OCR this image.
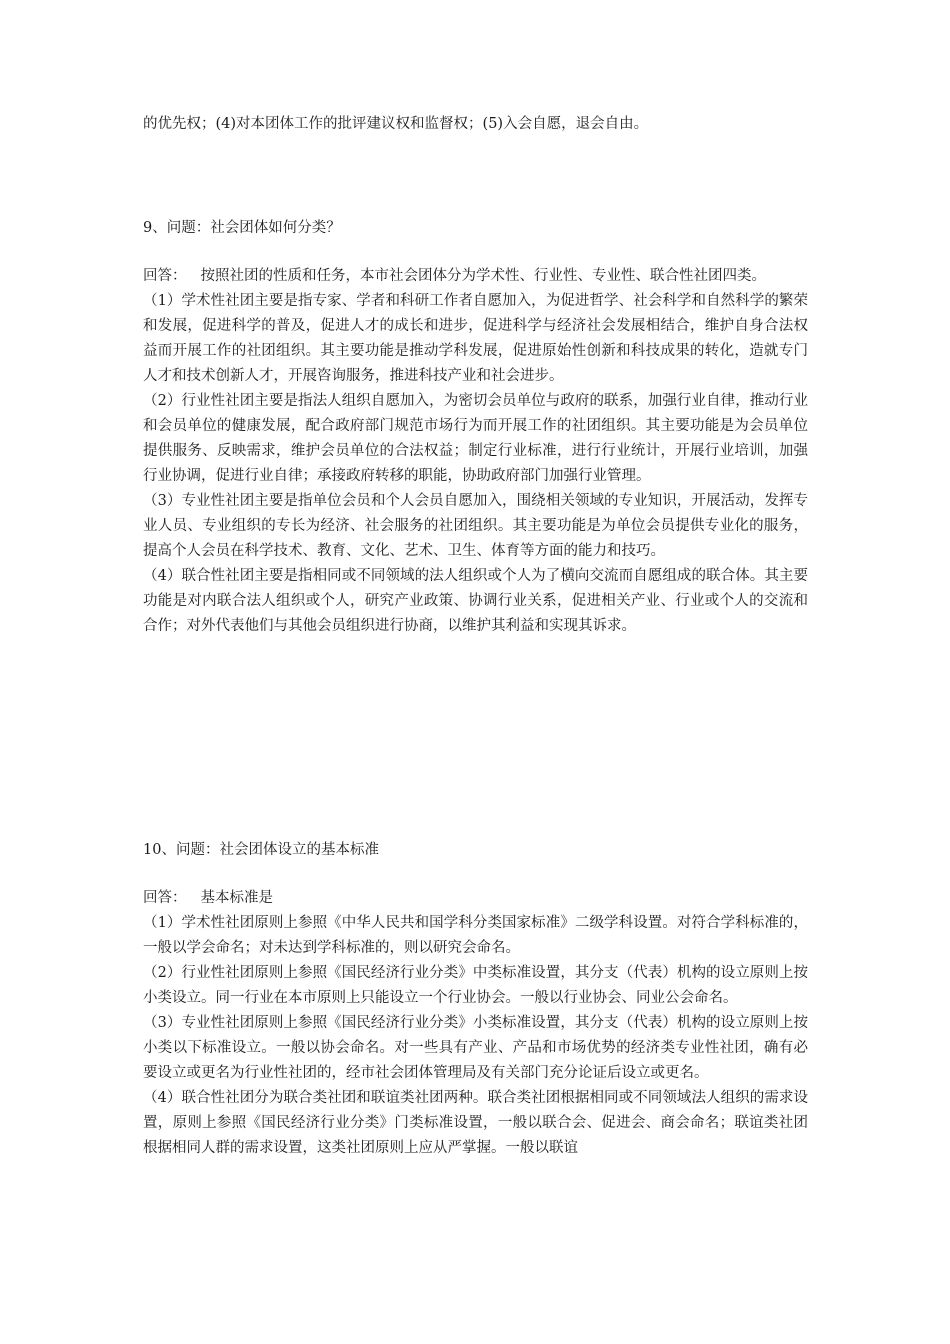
的优先权；(4)对本团体工作的批评建议权和监督权；(5)入会自愿，退会自由。

9、问题：社会团体如何分类？

回答： 按照社团的性质和任务，本市社会团体分为学术性、行业性、专业性、联合性社团四类。
（1）学术性社团主要是指专家、学者和科研工作者自愿加入，为促进哲学、社会科学和自然科学的繁荣和发展，促进科学的普及，促进人才的成长和进步，促进科学与经济社会发展相结合，维护自身合法权益而开展工作的社团组织。其主要功能是推动学科发展，促进原始性创新和科技成果的转化，造就专门人才和技术创新人才，开展咨询服务，推进科技产业和社会进步。
（2）行业性社团主要是指法人组织自愿加入，为密切会员单位与政府的联系，加强行业自律，推动行业和会员单位的健康发展，配合政府部门规范市场行为而开展工作的社团组织。其主要功能是为会员单位提供服务、反映需求，维护会员单位的合法权益；制定行业标准，进行行业统计，开展行业培训，加强行业协调，促进行业自律；承接政府转移的职能，协助政府部门加强行业管理。
（3）专业性社团主要是指单位会员和个人会员自愿加入，围绕相关领域的专业知识，开展活动，发挥专业人员、专业组织的专长为经济、社会服务的社团组织。其主要功能是为单位会员提供专业化的服务，提高个人会员在科学技术、教育、文化、艺术、卫生、体育等方面的能力和技巧。
（4）联合性社团主要是指相同或不同领域的法人组织或个人为了横向交流而自愿组成的联合体。其主要功能是对内联合法人组织或个人，研究产业政策、协调行业关系，促进相关产业、行业或个人的交流和合作；对外代表他们与其他会员组织进行协商，以维护其利益和实现其诉求。

10、问题：社会团体设立的基本标准

回答： 基本标准是
（1）学术性社团原则上参照《中华人民共和国学科分类国家标准》二级学科设置。对符合学科标准的，一般以学会命名；对未达到学科标准的，则以研究会命名。
（2）行业性社团原则上参照《国民经济行业分类》中类标准设置，其分支（代表）机构的设立原则上按小类设立。同一行业在本市原则上只能设立一个行业协会。一般以行业协会、同业公会命名。
（3）专业性社团原则上参照《国民经济行业分类》小类标准设置，其分支（代表）机构的设立原则上按小类以下标准设立。一般以协会命名。对一些具有产业、产品和市场优势的经济类专业性社团，确有必要设立或更名为行业性社团的，经市社会团体管理局及有关部门充分论证后设立或更名。
（4）联合性社团分为联合类社团和联谊类社团两种。联合类社团根据相同或不同领域法人组织的需求设置，原则上参照《国民经济行业分类》门类标准设置，一般以联合会、促进会、商会命名；联谊类社团根据相同人群的需求设置，这类社团原则上应从严掌握。一般以联谊
